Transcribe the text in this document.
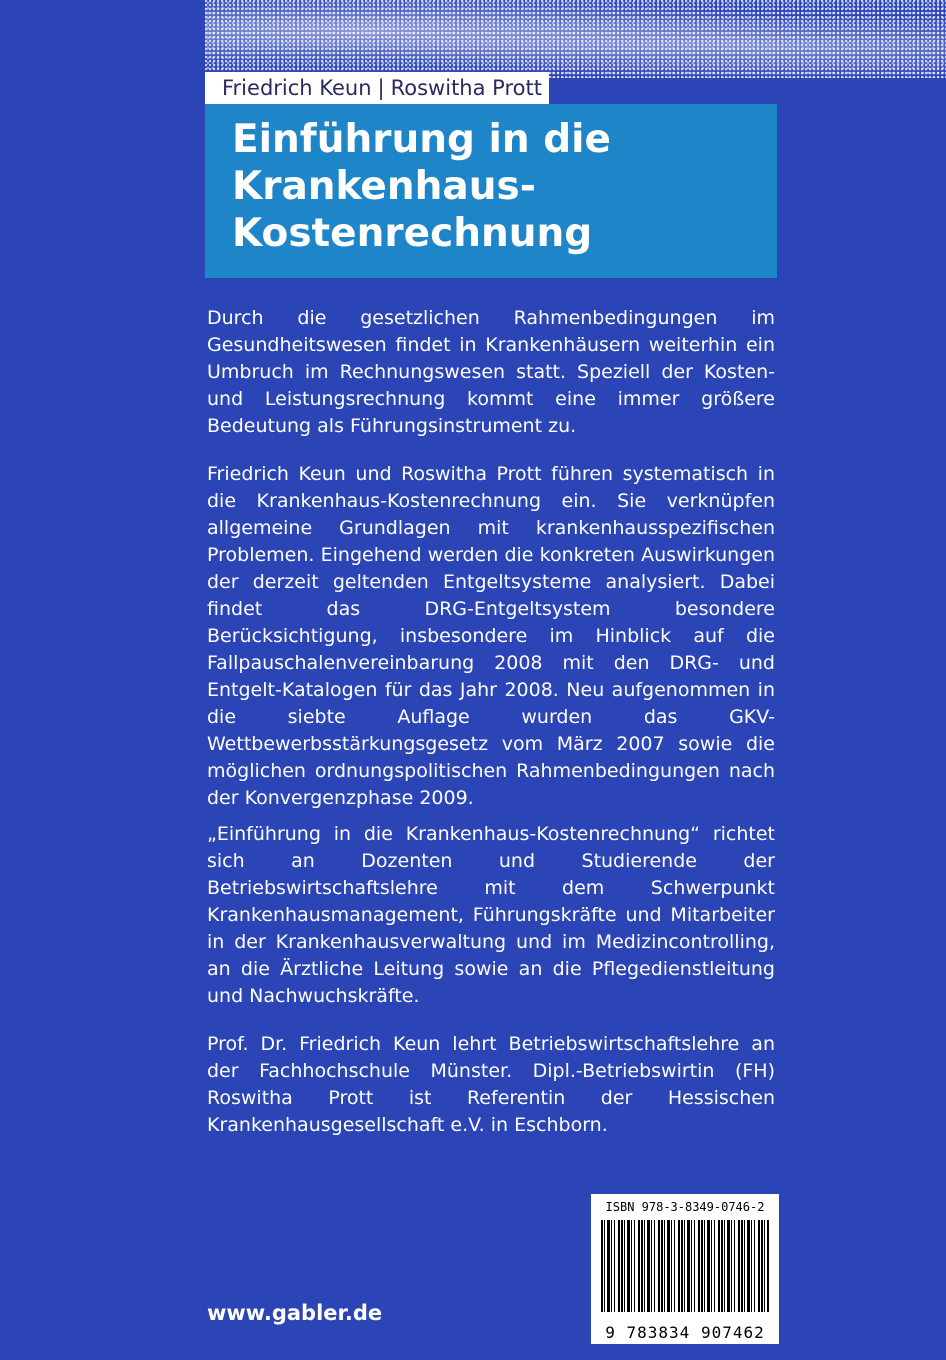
Friedrich Keun | Roswitha Prott
Einführung in die
Krankenhaus-
Kostenrechnung

Durch die gesetzlichen Rahmenbedingungen im Gesundheitswesen findet in Krankenhäusern weiterhin ein Umbruch im Rechnungswesen statt. Speziell der Kosten- und Leistungsrechnung kommt eine immer größere Bedeutung als Führungsinstrument zu.

Friedrich Keun und Roswitha Prott führen systematisch in die Krankenhaus-Kostenrechnung ein. Sie verknüpfen allgemeine Grundlagen mit krankenhausspezifischen Problemen. Eingehend werden die konkreten Auswirkungen der derzeit geltenden Entgeltsysteme analysiert. Dabei findet das DRG-Entgeltsystem besondere Berücksichtigung, insbesondere im Hinblick auf die Fallpauschalenvereinbarung 2008 mit den DRG- und Entgelt-Katalogen für das Jahr 2008. Neu aufgenommen in die siebte Auflage wurden das GKV-Wettbewerbsstärkungsgesetz vom März 2007 sowie die möglichen ordnungspolitischen Rahmenbedingungen nach der Konvergenzphase 2009.

„Einführung in die Krankenhaus-Kostenrechnung“ richtet sich an Dozenten und Studierende der Betriebswirtschaftslehre mit dem Schwerpunkt Krankenhausmanagement, Führungskräfte und Mitarbeiter in der Krankenhausverwaltung und im Medizincontrolling, an die Ärztliche Leitung sowie an die Pflegedienstleitung und Nachwuchskräfte.

Prof. Dr. Friedrich Keun lehrt Betriebswirtschaftslehre an der Fachhochschule Münster. Dipl.-Betriebswirtin (FH) Roswitha Prott ist Referentin der Hessischen Krankenhausgesellschaft e.V. in Eschborn.

www.gabler.de
ISBN 978-3-8349-0746-2
9 783834 907462
